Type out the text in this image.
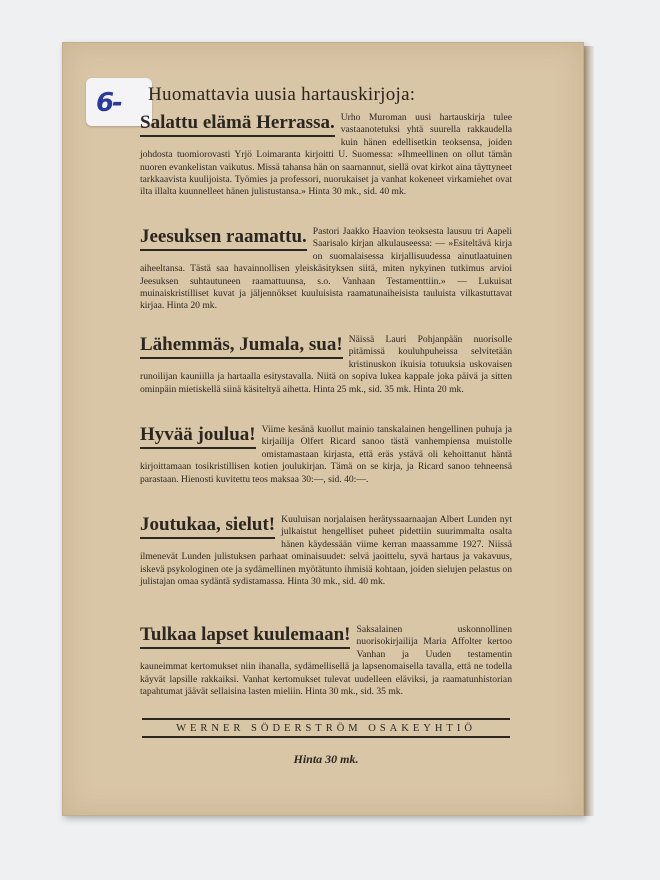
6- Huomattavia uusia hartauskirjoja:
Salattu elämä Herrassa. Urho Muroman uusi hartauskirja tulee vastaanotetuksi yhtä suurella rakkaudella kuin hänen edellisetkin teoksensa, joiden johdosta tuomiorovasti Yrjö Loimaranta kirjoitti U. Suomessa: »Ihmeellinen on ollut tämän nuoren evankelistan vaikutus. Missä tahansa hän on saarnannut, siellä ovat kirkot aina täyttyneet tarkkaavista kuulijoista. Työmies ja professori, nuorukaiset ja vanhat kokeneet virkamiehet ovat ilta illalta kuunnelleet hänen julistustansa.» Hinta 30 mk., sid. 40 mk.

Jeesuksen raamattu. Pastori Jaakko Haavion teoksesta lausuu tri Aapeli Saarisalo kirjan alkulauseessa: — »Esiteltävä kirja on suomalaisessa kirjallisuudessa ainutlaatuinen aiheeltansa. Tästä saa havainnollisen yleiskäsityksen siitä, miten nykyinen tutkimus arvioi Jeesuksen suhtautuneen raamattuunsa, s.o. Vanhaan Testamenttiin.» — Lukuisat muinaiskristilliset kuvat ja jäljennökset kuuluisista raamatunaiheisista tauluista vilkastuttavat kirjaa. Hinta 20 mk.

Lähemmäs, Jumala, sua! Näissä Lauri Pohjanpään nuorisolle pitämissä kouluhpuheissa selvitetään kristinuskon ikuisia totuuksia uskovaisen runoilijan kauniilla ja hartaalla esitystavalla. Niitä on sopiva lukea kappale joka päivä ja sitten ominpäin mietiskellä siinä käsiteltyä aihetta. Hinta 25 mk., sid. 35 mk. Hinta 20 mk.

Hyvää joulua! Viime kesänä kuollut mainio tanskalainen hengellinen puhuja ja kirjailija Olfert Ricard sanoo tästä vanhempiensa muistolle omistamastaan kirjasta, että eräs ystävä oli kehoittanut häntä kirjoittamaan tosikristillisen kotien joulukirjan. Tämä on se kirja, ja Ricard sanoo tehneensä parastaan. Hienosti kuvitettu teos maksaa 30:—, sid. 40:—.

Joutukaa, sielut! Kuuluisan norjalaisen herätyssaarnaajan Albert Lunden nyt julkaistut hengelliset puheet pidettiin suurimmalta osalta hänen käydessään viime kerran maassamme 1927. Niissä ilmenevät Lunden julistuksen parhaat ominaisuudet: selvä jaoittelu, syvä hartaus ja vakavuus, iskevä psykologinen ote ja sydämellinen myötätunto ihmisiä kohtaan, joiden sielujen pelastus on julistajan omaa sydäntä sydistamassa. Hinta 30 mk., sid. 40 mk.

Tulkaa lapset kuulemaan! Saksalainen uskonnollinen nuorisokirjailija Maria Affolter kertoo Vanhan ja Uuden testamentin kauneimmat kertomukset niin ihanalla, sydämellisellä ja lapsenomaisella tavalla, että ne todella käyvät lapsille rakkaiksi. Vanhat kertomukset tulevat uudelleen eläviksi, ja raamatunhistorian tapahtumat jäävät sellaisina lasten mieliin. Hinta 30 mk., sid. 35 mk.

WERNER SÖDERSTRÖM OSAKEYHTIÖ
Hinta 30 mk.
